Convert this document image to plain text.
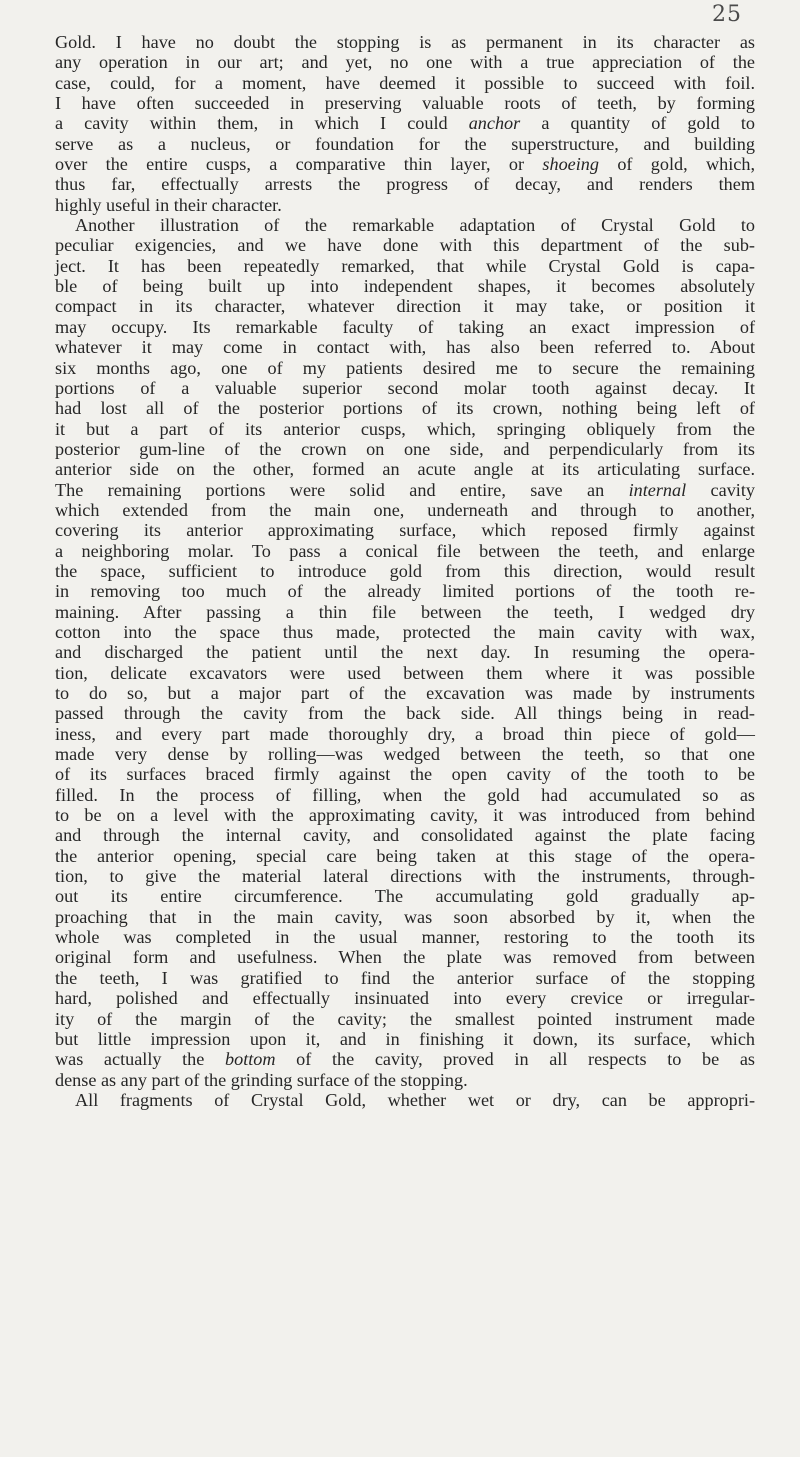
25

Gold. I have no doubt the stopping is as permanent in its character as

any operation in our art; and yet, no one with a true appreciation of the

case, could, for a moment, have deemed it possible to succeed with foil.

I have often succeeded in preserving valuable roots of teeth, by forming

a cavity within them, in which I could anchor a quantity of gold to

serve as a nucleus, or foundation for the superstructure, and building

over the entire cusps, a comparative thin layer, or shoeing of gold, which,

thus far, effectually arrests the progress of decay, and renders them

highly useful in their character.

Another illustration of the remarkable adaptation of Crystal Gold to

peculiar exigencies, and we have done with this department of the sub-

ject. It has been repeatedly remarked, that while Crystal Gold is capa-

ble of being built up into independent shapes, it becomes absolutely

compact in its character, whatever direction it may take, or position it

may occupy. Its remarkable faculty of taking an exact impression of

whatever it may come in contact with, has also been referred to. About

six months ago, one of my patients desired me to secure the remaining

portions of a valuable superior second molar tooth against decay. It

had lost all of the posterior portions of its crown, nothing being left of

it but a part of its anterior cusps, which, springing obliquely from the

posterior gum-line of the crown on one side, and perpendicularly from its

anterior side on the other, formed an acute angle at its articulating surface.

The remaining portions were solid and entire, save an internal cavity

which extended from the main one, underneath and through to another,

covering its anterior approximating surface, which reposed firmly against

a neighboring molar. To pass a conical file between the teeth, and enlarge

the space, sufficient to introduce gold from this direction, would result

in removing too much of the already limited portions of the tooth re-

maining. After passing a thin file between the teeth, I wedged dry

cotton into the space thus made, protected the main cavity with wax,

and discharged the patient until the next day. In resuming the opera-

tion, delicate excavators were used between them where it was possible

to do so, but a major part of the excavation was made by instruments

passed through the cavity from the back side. All things being in read-

iness, and every part made thoroughly dry, a broad thin piece of gold—

made very dense by rolling—was wedged between the teeth, so that one

of its surfaces braced firmly against the open cavity of the tooth to be

filled. In the process of filling, when the gold had accumulated so as

to be on a level with the approximating cavity, it was introduced from behind

and through the internal cavity, and consolidated against the plate facing

the anterior opening, special care being taken at this stage of the opera-

tion, to give the material lateral directions with the instruments, through-

out its entire circumference. The accumulating gold gradually ap-

proaching that in the main cavity, was soon absorbed by it, when the

whole was completed in the usual manner, restoring to the tooth its

original form and usefulness. When the plate was removed from between

the teeth, I was gratified to find the anterior surface of the stopping

hard, polished and effectually insinuated into every crevice or irregular-

ity of the margin of the cavity; the smallest pointed instrument made

but little impression upon it, and in finishing it down, its surface, which

was actually the bottom of the cavity, proved in all respects to be as

dense as any part of the grinding surface of the stopping.

All fragments of Crystal Gold, whether wet or dry, can be appropri-
